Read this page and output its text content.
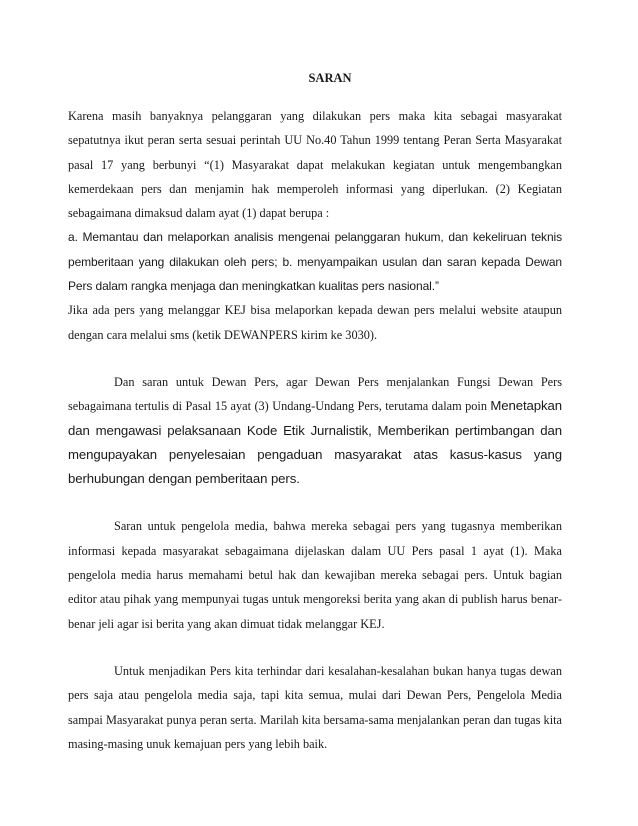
SARAN

Karena masih banyaknya pelanggaran yang dilakukan pers maka kita sebagai masyarakat sepatutnya ikut peran serta sesuai perintah UU No.40 Tahun 1999 tentang Peran Serta Masyarakat pasal 17 yang berbunyi “(1) Masyarakat dapat melakukan kegiatan untuk mengembangkan kemerdekaan pers dan menjamin hak memperoleh informasi yang diperlukan. (2) Kegiatan sebagaimana dimaksud dalam ayat (1) dapat berupa :
a. Memantau dan melaporkan analisis mengenai pelanggaran hukum, dan kekeliruan teknis pemberitaan yang dilakukan oleh pers; b. menyampaikan usulan dan saran kepada Dewan Pers dalam rangka menjaga dan meningkatkan kualitas pers nasional.”
Jika ada pers yang melanggar KEJ bisa melaporkan kepada dewan pers melalui website ataupun dengan cara melalui sms (ketik DEWANPERS kirim ke 3030).

Dan saran untuk Dewan Pers, agar Dewan Pers menjalankan Fungsi Dewan Pers sebagaimana tertulis di Pasal 15 ayat (3) Undang-Undang Pers, terutama dalam poin Menetapkan dan mengawasi pelaksanaan Kode Etik Jurnalistik, Memberikan pertimbangan dan mengupayakan penyelesaian pengaduan masyarakat atas kasus-kasus yang berhubungan dengan pemberitaan pers.

Saran untuk pengelola media, bahwa mereka sebagai pers yang tugasnya memberikan informasi kepada masyarakat sebagaimana dijelaskan dalam UU Pers pasal 1 ayat (1). Maka pengelola media harus memahami betul hak dan kewajiban mereka sebagai pers. Untuk bagian editor atau pihak yang mempunyai tugas untuk mengoreksi berita yang akan di publish harus benar-benar jeli agar isi berita yang akan dimuat tidak melanggar KEJ.

Untuk menjadikan Pers kita terhindar dari kesalahan-kesalahan bukan hanya tugas dewan pers saja atau pengelola media saja, tapi kita semua, mulai dari Dewan Pers, Pengelola Media sampai Masyarakat punya peran serta. Marilah kita bersama-sama menjalankan peran dan tugas kita masing-masing unuk kemajuan pers yang lebih baik.
